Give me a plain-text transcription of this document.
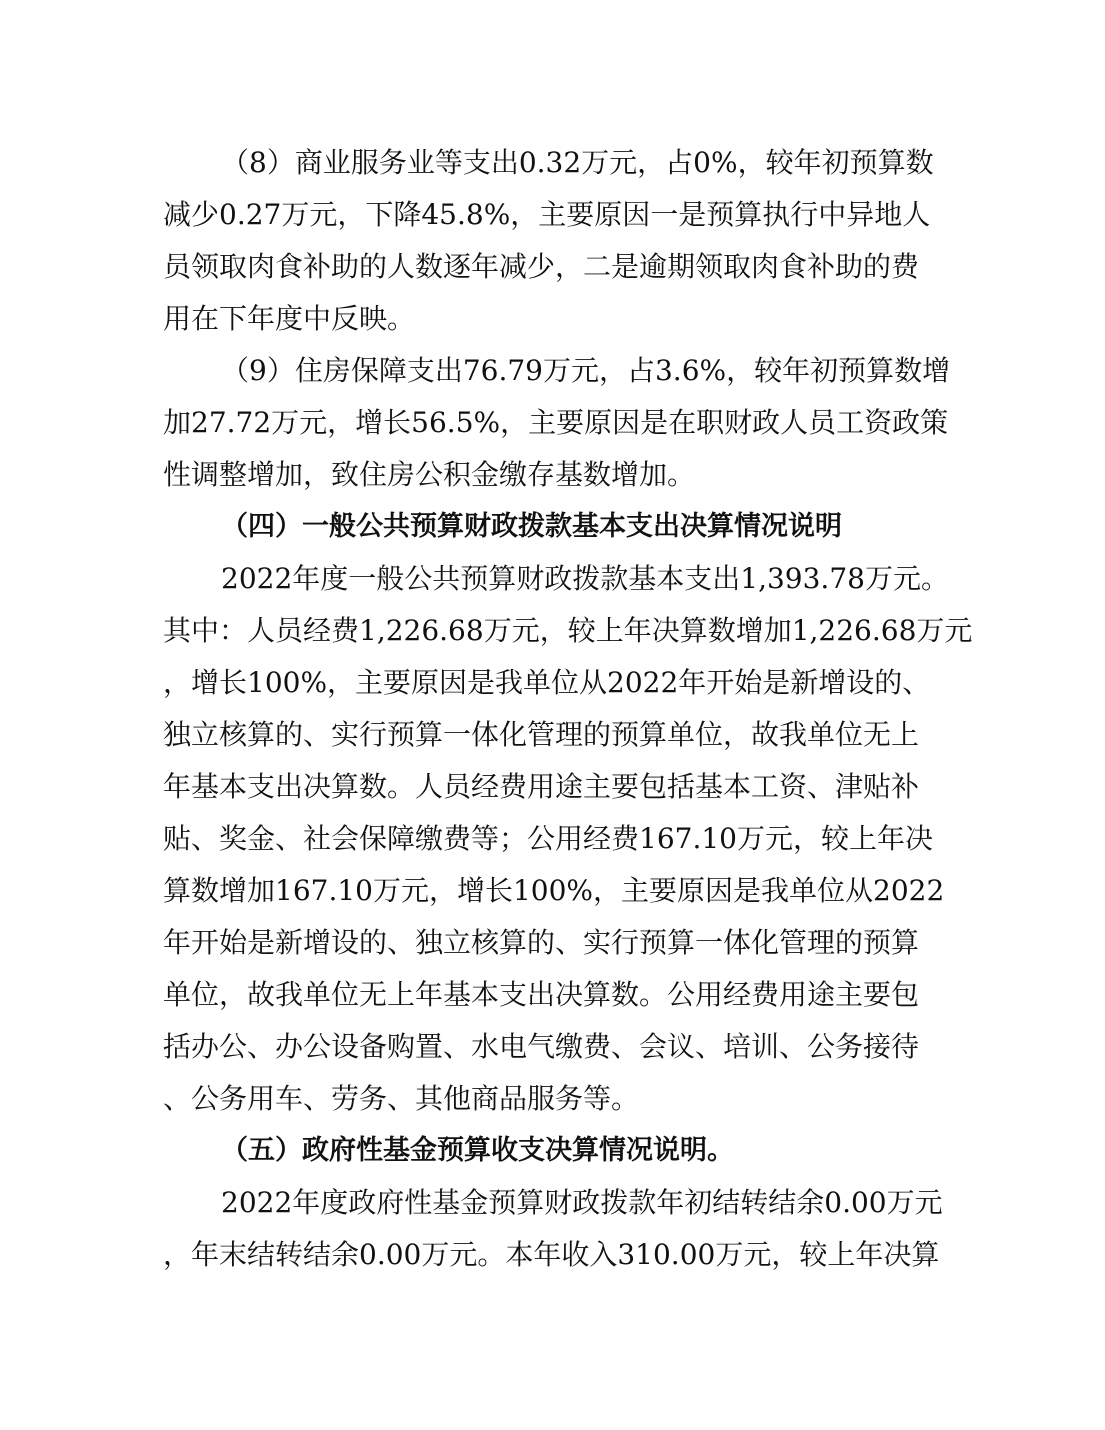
（8）商业服务业等支出0.32万元，占0%，较年初预算数
减少0.27万元，下降45.8%，主要原因一是预算执行中异地人
员领取肉食补助的人数逐年减少，二是逾期领取肉食补助的费
用在下年度中反映。
（9）住房保障支出76.79万元，占3.6%，较年初预算数增
加27.72万元，增长56.5%，主要原因是在职财政人员工资政策
性调整增加，致住房公积金缴存基数增加。
（四）一般公共预算财政拨款基本支出决算情况说明
2022年度一般公共预算财政拨款基本支出1,393.78万元。
其中：人员经费1,226.68万元，较上年决算数增加1,226.68万元
，增长100%，主要原因是我单位从2022年开始是新增设的、
独立核算的、实行预算一体化管理的预算单位，故我单位无上
年基本支出决算数。人员经费用途主要包括基本工资、津贴补
贴、奖金、社会保障缴费等；公用经费167.10万元，较上年决
算数增加167.10万元，增长100%，主要原因是我单位从2022
年开始是新增设的、独立核算的、实行预算一体化管理的预算
单位，故我单位无上年基本支出决算数。公用经费用途主要包
括办公、办公设备购置、水电气缴费、会议、培训、公务接待
、公务用车、劳务、其他商品服务等。
（五）政府性基金预算收支决算情况说明。
2022年度政府性基金预算财政拨款年初结转结余0.00万元
，年末结转结余0.00万元。本年收入310.00万元，较上年决算
